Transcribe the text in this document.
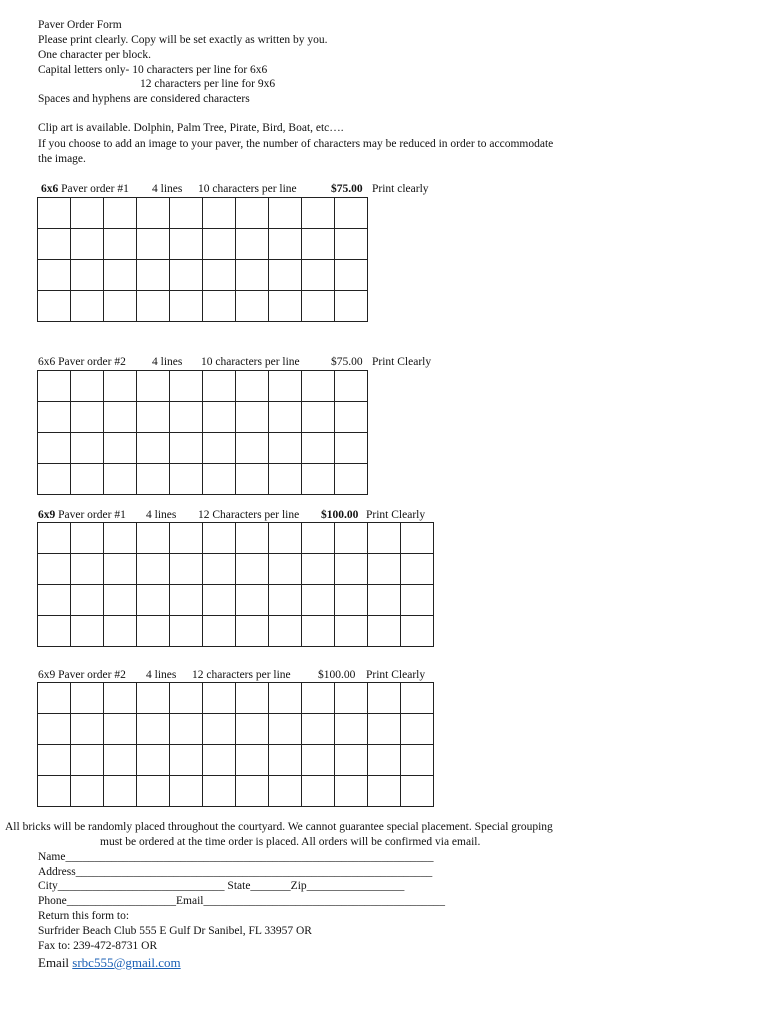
Paver Order Form
Please print clearly. Copy will be set exactly as written by you.
One character per block.
Capital letters only- 10 characters per line for 6x6
12 characters per line for 9x6
Spaces and hyphens are considered characters
Clip art is available. Dolphin, Palm Tree, Pirate, Bird, Boat, etc….
If you choose to add an image to your paver, the number of characters may be reduced in order to accommodate
the image.
6x6 Paver order #1 4 lines 10 characters per line	$75.00 Print clearly

6x6 Paver order #2 4 lines 10 characters per line	$75.00 Print Clearly

6x9 Paver order #1 4 lines 12 Characters per line $100.00 Print Clearly

6x9 Paver order #2 4 lines 12 characters per line $100.00 Print Clearly

All bricks will be randomly placed throughout the courtyard. We cannot guarantee special placement. Special grouping
must be ordered at the time order is placed. All orders will be confirmed via email.
Name________________________________________________________________
Address______________________________________________________________
City_____________________________ State_______Zip_________________
Phone___________________Email__________________________________________
Return this form to:
Surfrider Beach Club 555 E Gulf Dr Sanibel, FL 33957 OR
Fax to: 239-472-8731 OR
Email srbc555@gmail.com
